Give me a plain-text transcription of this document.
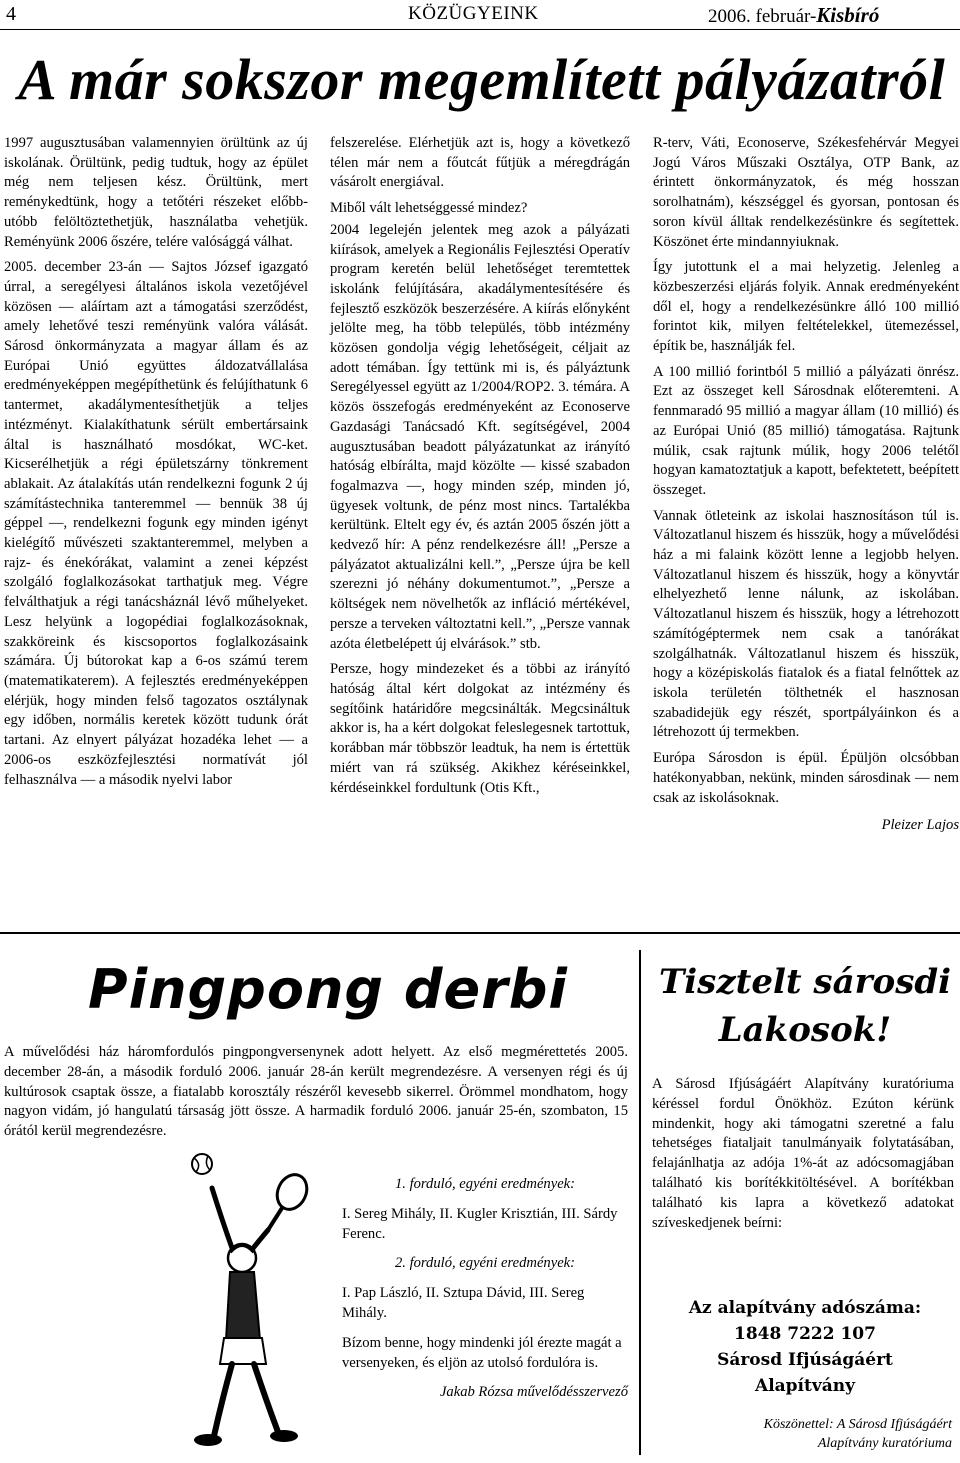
4	KÖZÜGYEINK	2006. február-Kisbíró
A már sokszor megemlített pályázatról

1997 augusztusában valamennyien örültünk az új iskolának. Örültünk, pedig tudtuk, hogy az épület még nem teljesen kész. Örültünk, mert reménykedtünk, hogy a tetőtéri részeket előbb- utóbb felöltöztethetjük, használatba vehetjük. Reményünk 2006 őszére, telére valósággá válhat.

2005. december 23-án — Sajtos József igazgató úrral, a seregélyesi általános iskola vezetőjével közösen — aláírtam azt a támogatási szerződést, amely lehetővé teszi reményünk valóra válását. Sárosd önkormányzata a magyar állam és az Európai Unió együttes áldozatvállalása eredményeképpen megépíthetünk és felújíthatunk 6 tantermet, akadálymentesíthetjük a teljes intézményt. Kialakíthatunk sérült embertársaink által is használható mosdókat, WC-ket. Kicserélhetjük a régi épületszárny tönkrement ablakait. Az átalakítás után rendelkezni fogunk 2 új számítástechnika tanteremmel — bennük 38 új géppel —, rendelkezni fogunk egy minden igényt kielégítő művészeti szaktanteremmel, melyben a rajz- és énekórákat, valamint a zenei képzést szolgáló foglalkozásokat tarthatjuk meg. Végre felválthatjuk a régi tanácsháznál lévő műhelyeket. Lesz helyünk a logopédiai foglalkozásoknak, szakköreink és kiscsoportos foglalkozásaink számára. Új bútorokat kap a 6-os számú terem (matematikaterem). A fejlesztés eredményeképpen elérjük, hogy minden felső tagozatos osztálynak egy időben, normális keretek között tudunk órát tartani. Az elnyert pályázat hozadéka lehet — a 2006-os eszközfejlesztési normatívát jól felhasználva — a második nyelvi labor

felszerelése. Elérhetjük azt is, hogy a következő télen már nem a főutcát fűtjük a méregdrágán vásárolt energiával.

Miből vált lehetséggessé mindez?

2004 legelején jelentek meg azok a pályázati kiírások, amelyek a Regionális Fejlesztési Operatív program keretén belül lehetőséget teremtettek iskolánk felújítására, akadálymentesítésére és fejlesztő eszközök beszerzésére. A kiírás előnyként jelölte meg, ha több település, több intézmény közösen gondolja végig lehetőségeit, céljait az adott témában. Így tettünk mi is, és pályáztunk Seregélyessel együtt az 1/2004/ROP2. 3. témára. A közös összefogás eredményeként az Econoserve Gazdasági Tanácsadó Kft. segítségével, 2004 augusztusában beadott pályázatunkat az irányító hatóság elbírálta, majd közölte — kissé szabadon fogalmazva —, hogy minden szép, minden jó, ügyesek voltunk, de pénz most nincs. Tartalékba kerültünk. Eltelt egy év, és aztán 2005 őszén jött a kedvező hír: A pénz rendelkezésre áll! „Persze a pályázatot aktualizálni kell.”, „Persze újra be kell szerezni jó néhány dokumentumot.”, „Persze a költségek nem növelhetők az infláció mértékével, persze a terveken változtatni kell.”, „Persze vannak azóta életbelépett új elvárások.” stb.

Persze, hogy mindezeket és a többi az irányító hatóság által kért dolgokat az intézmény és segítőink határidőre megcsinálták. Megcsináltuk akkor is, ha a kért dolgokat feleslegesnek tartottuk, korábban már többször leadtuk, ha nem is értettük miért van rá szükség. Akikhez kéréseinkkel, kérdéseinkkel fordultunk (Otis Kft.,

R-terv, Váti, Econoserve, Székesfehérvár Megyei Jogú Város Műszaki Osztálya, OTP Bank, az érintett önkormányzatok, és még hosszan sorolhatnám), készséggel és gyorsan, pontosan és soron kívül álltak rendelkezésünkre és segítettek. Köszönet érte mindannyiuknak.

Így jutottunk el a mai helyzetig. Jelenleg a közbeszerzési eljárás folyik. Annak eredményeként dől el, hogy a rendelkezésünkre álló 100 millió forintot kik, milyen feltételekkel, ütemezéssel, építik be, használják fel.

A 100 millió forintból 5 millió a pályázati önrész. Ezt az összeget kell Sárosdnak előteremteni. A fennmaradó 95 millió a magyar állam (10 millió) és az Európai Unió (85 millió) támogatása. Rajtunk múlik, csak rajtunk múlik, hogy 2006 telétől hogyan kamatoztatjuk a kapott, befektetett, beépített összeget.

Vannak ötleteink az iskolai hasznosításon túl is. Változatlanul hiszem és hisszük, hogy a művelődési ház a mi falaink között lenne a legjobb helyen. Változatlanul hiszem és hisszük, hogy a könyvtár elhelyezhető lenne nálunk, az iskolában. Változatlanul hiszem és hisszük, hogy a létrehozott számítógéptermek nem csak a tanórákat szolgálhatnák. Változatlanul hiszem és hisszük, hogy a középiskolás fiatalok és a fiatal felnőttek az iskola területén tölthetnék el hasznosan szabadidejük egy részét, sportpályáinkon és a létrehozott új termekben.

Európa Sárosdon is épül. Épüljön olcsóbban hatékonyabban, nekünk, minden sárosdinak — nem csak az iskolásoknak.

Pleizer Lajos
Pingpong derbi
A művelődési ház háromfordulós pingpongversenynek adott helyett. Az első megmérettetés 2005. december 28-án, a második forduló 2006. január 28-án került megrendezésre. A versenyen régi és új kultúrosok csaptak össze, a fiatalabb korosztály részéről kevesebb sikerrel. Örömmel mondhatom, hogy nagyon vidám, jó hangulatú társaság jött össze. A harmadik forduló 2006. január 25-én, szombaton, 15 órától kerül megrendezésre.
1. forduló, egyéni eredmények:

I. Sereg Mihály, II. Kugler Krisztián, III. Sárdy Ferenc.

2. forduló, egyéni eredmények:

I. Pap László, II. Sztupa Dávid, III. Sereg Mihály.

Bízom benne, hogy mindenki jól érezte magát a versenyeken, és eljön az utolsó fordulóra is.

Jakab Rózsa művelődésszervező
Tisztelt sárosdi
Lakosok!
A Sárosd Ifjúságáért Alapítvány kuratóriuma kéréssel fordul Önökhöz. Ezúton kérünk mindenkit, hogy aki támogatni szeretné a falu tehetséges fiataljait tanulmányaik folytatásában, felajánlhatja az adója 1%-át az adócsomagjában található kis borítékkitöltésével. A borítékban található kis lapra a következő adatokat szíveskedjenek beírni:
Az alapítvány adószáma:
1848 7222 107
Sárosd Ifjúságáért
Alapítvány
Köszönettel: A Sárosd Ifjúságáért
Alapítvány kuratóriuma
